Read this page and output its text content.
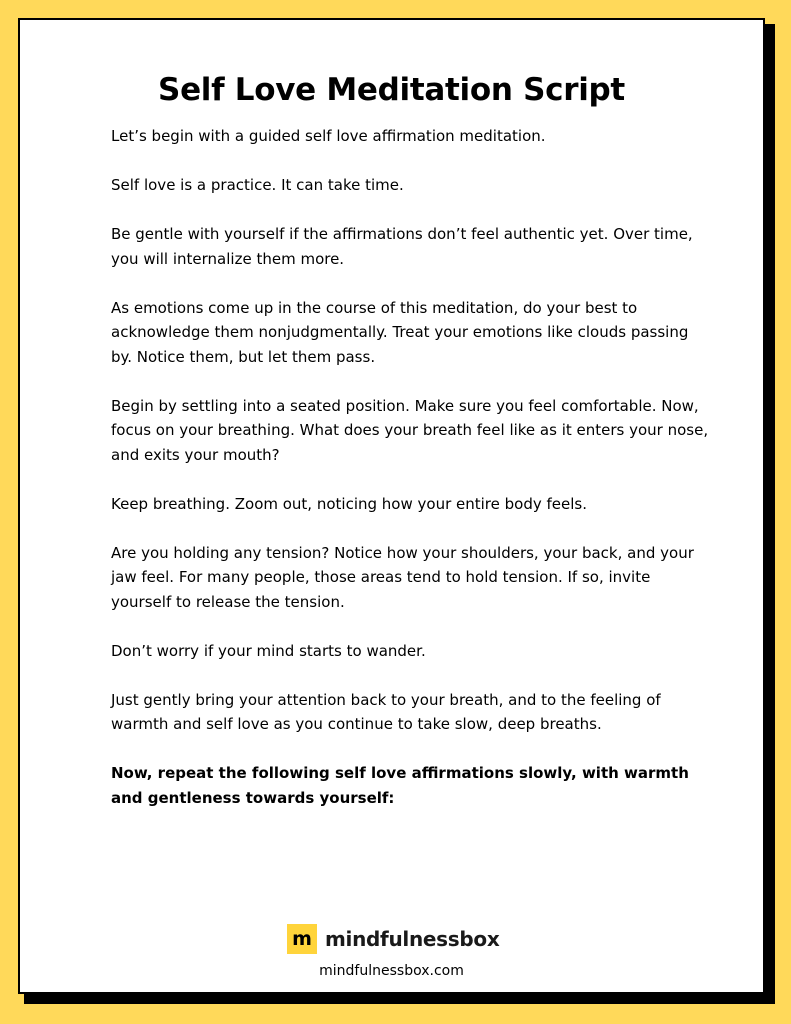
Self Love Meditation Script

Let’s begin with a guided self love affirmation meditation.

Self love is a practice. It can take time.

Be gentle with yourself if the affirmations don’t feel authentic yet. Over time, you will internalize them more.

As emotions come up in the course of this meditation, do your best to acknowledge them nonjudgmentally. Treat your emotions like clouds passing by. Notice them, but let them pass.

Begin by settling into a seated position. Make sure you feel comfortable. Now, focus on your breathing. What does your breath feel like as it enters your nose, and exits your mouth?

Keep breathing. Zoom out, noticing how your entire body feels.

Are you holding any tension? Notice how your shoulders, your back, and your jaw feel. For many people, those areas tend to hold tension. If so, invite yourself to release the tension.

Don’t worry if your mind starts to wander.

Just gently bring your attention back to your breath, and to the feeling of warmth and self love as you continue to take slow, deep breaths.

Now, repeat the following self love affirmations slowly, with warmth and gentleness towards yourself:

m mindfulnessbox
mindfulnessbox.com
